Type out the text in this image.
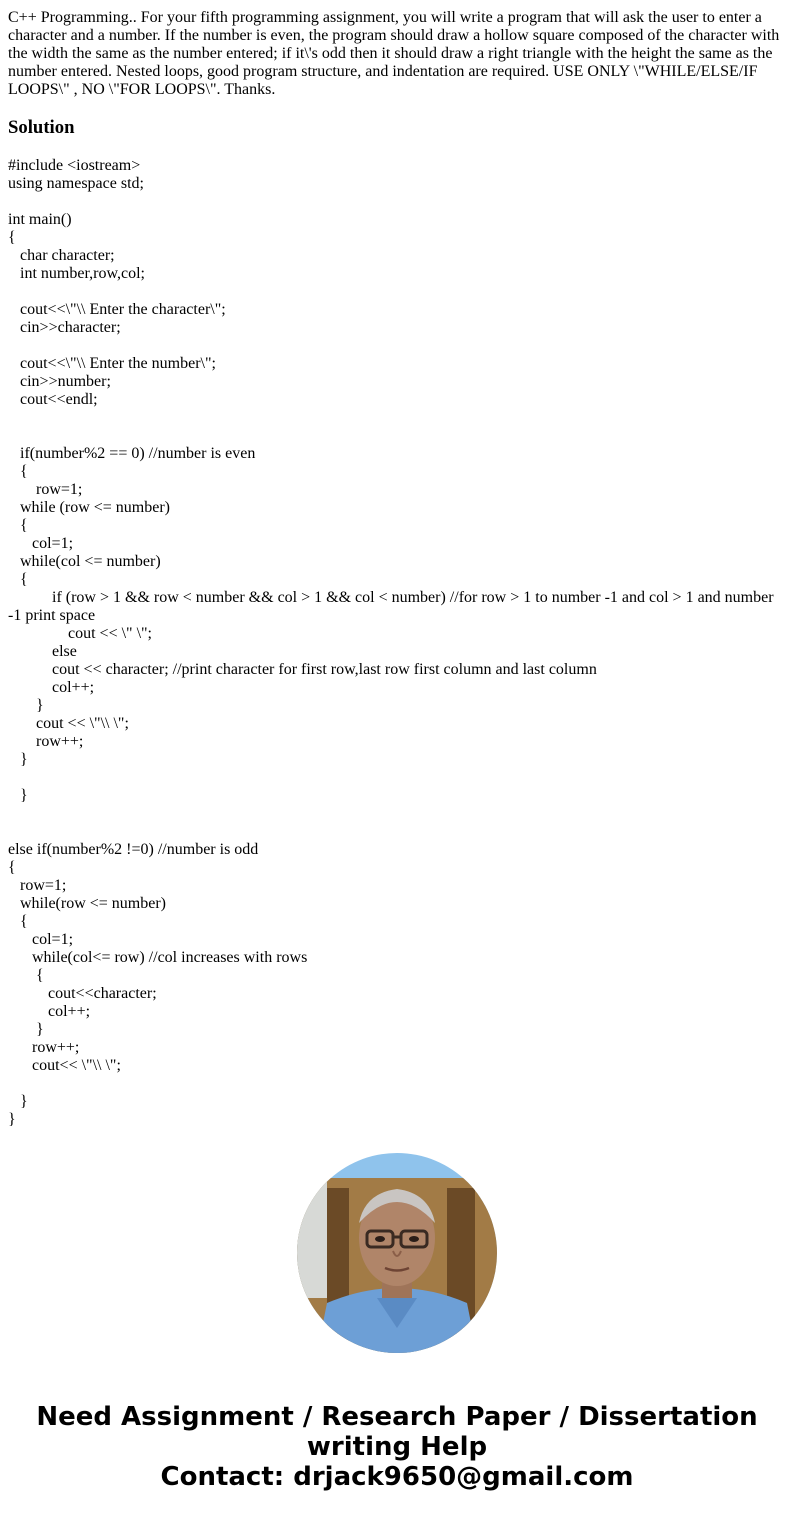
C++ Programming.. For your fifth programming assignment, you will write a program that will ask the user to enter a character and a number. If the number is even, the program should draw a hollow square composed of the character with the width the same as the number entered; if it\'s odd then it should draw a right triangle with the height the same as the number entered. Nested loops, good program structure, and indentation are required. USE ONLY \"WHILE/ELSE/IF LOOPS\" , NO \"FOR LOOPS\". Thanks.

Solution
#include <iostream>
using namespace std;
int main()
{
char character;
int number,row,col;
cout<<\"\\ Enter the character\";
cin>>character;
cout<<\"\\ Enter the number\";
cin>>number;
cout<<endl;
if(number%2 == 0) //number is even
{
row=1;
while (row <= number)
{
col=1;
while(col <= number)
{
if (row > 1 && row < number && col > 1 && col < number) //for row > 1 to number -1 and col > 1 and number -1 print space
cout << \" \";
else
cout << character; //print character for first row,last row first column and last column
col++;
}
cout << \"\\ \";
row++;
}
}
else if(number%2 !=0) //number is odd
{
row=1;
while(row <= number)
{
col=1;
while(col<= row) //col increases with rows
{
cout<<character;
col++;
}
row++;
cout<< \"\\ \";
}
}
Need Assignment / Research Paper / Dissertation
writing Help
Contact: drjack9650@gmail.com
